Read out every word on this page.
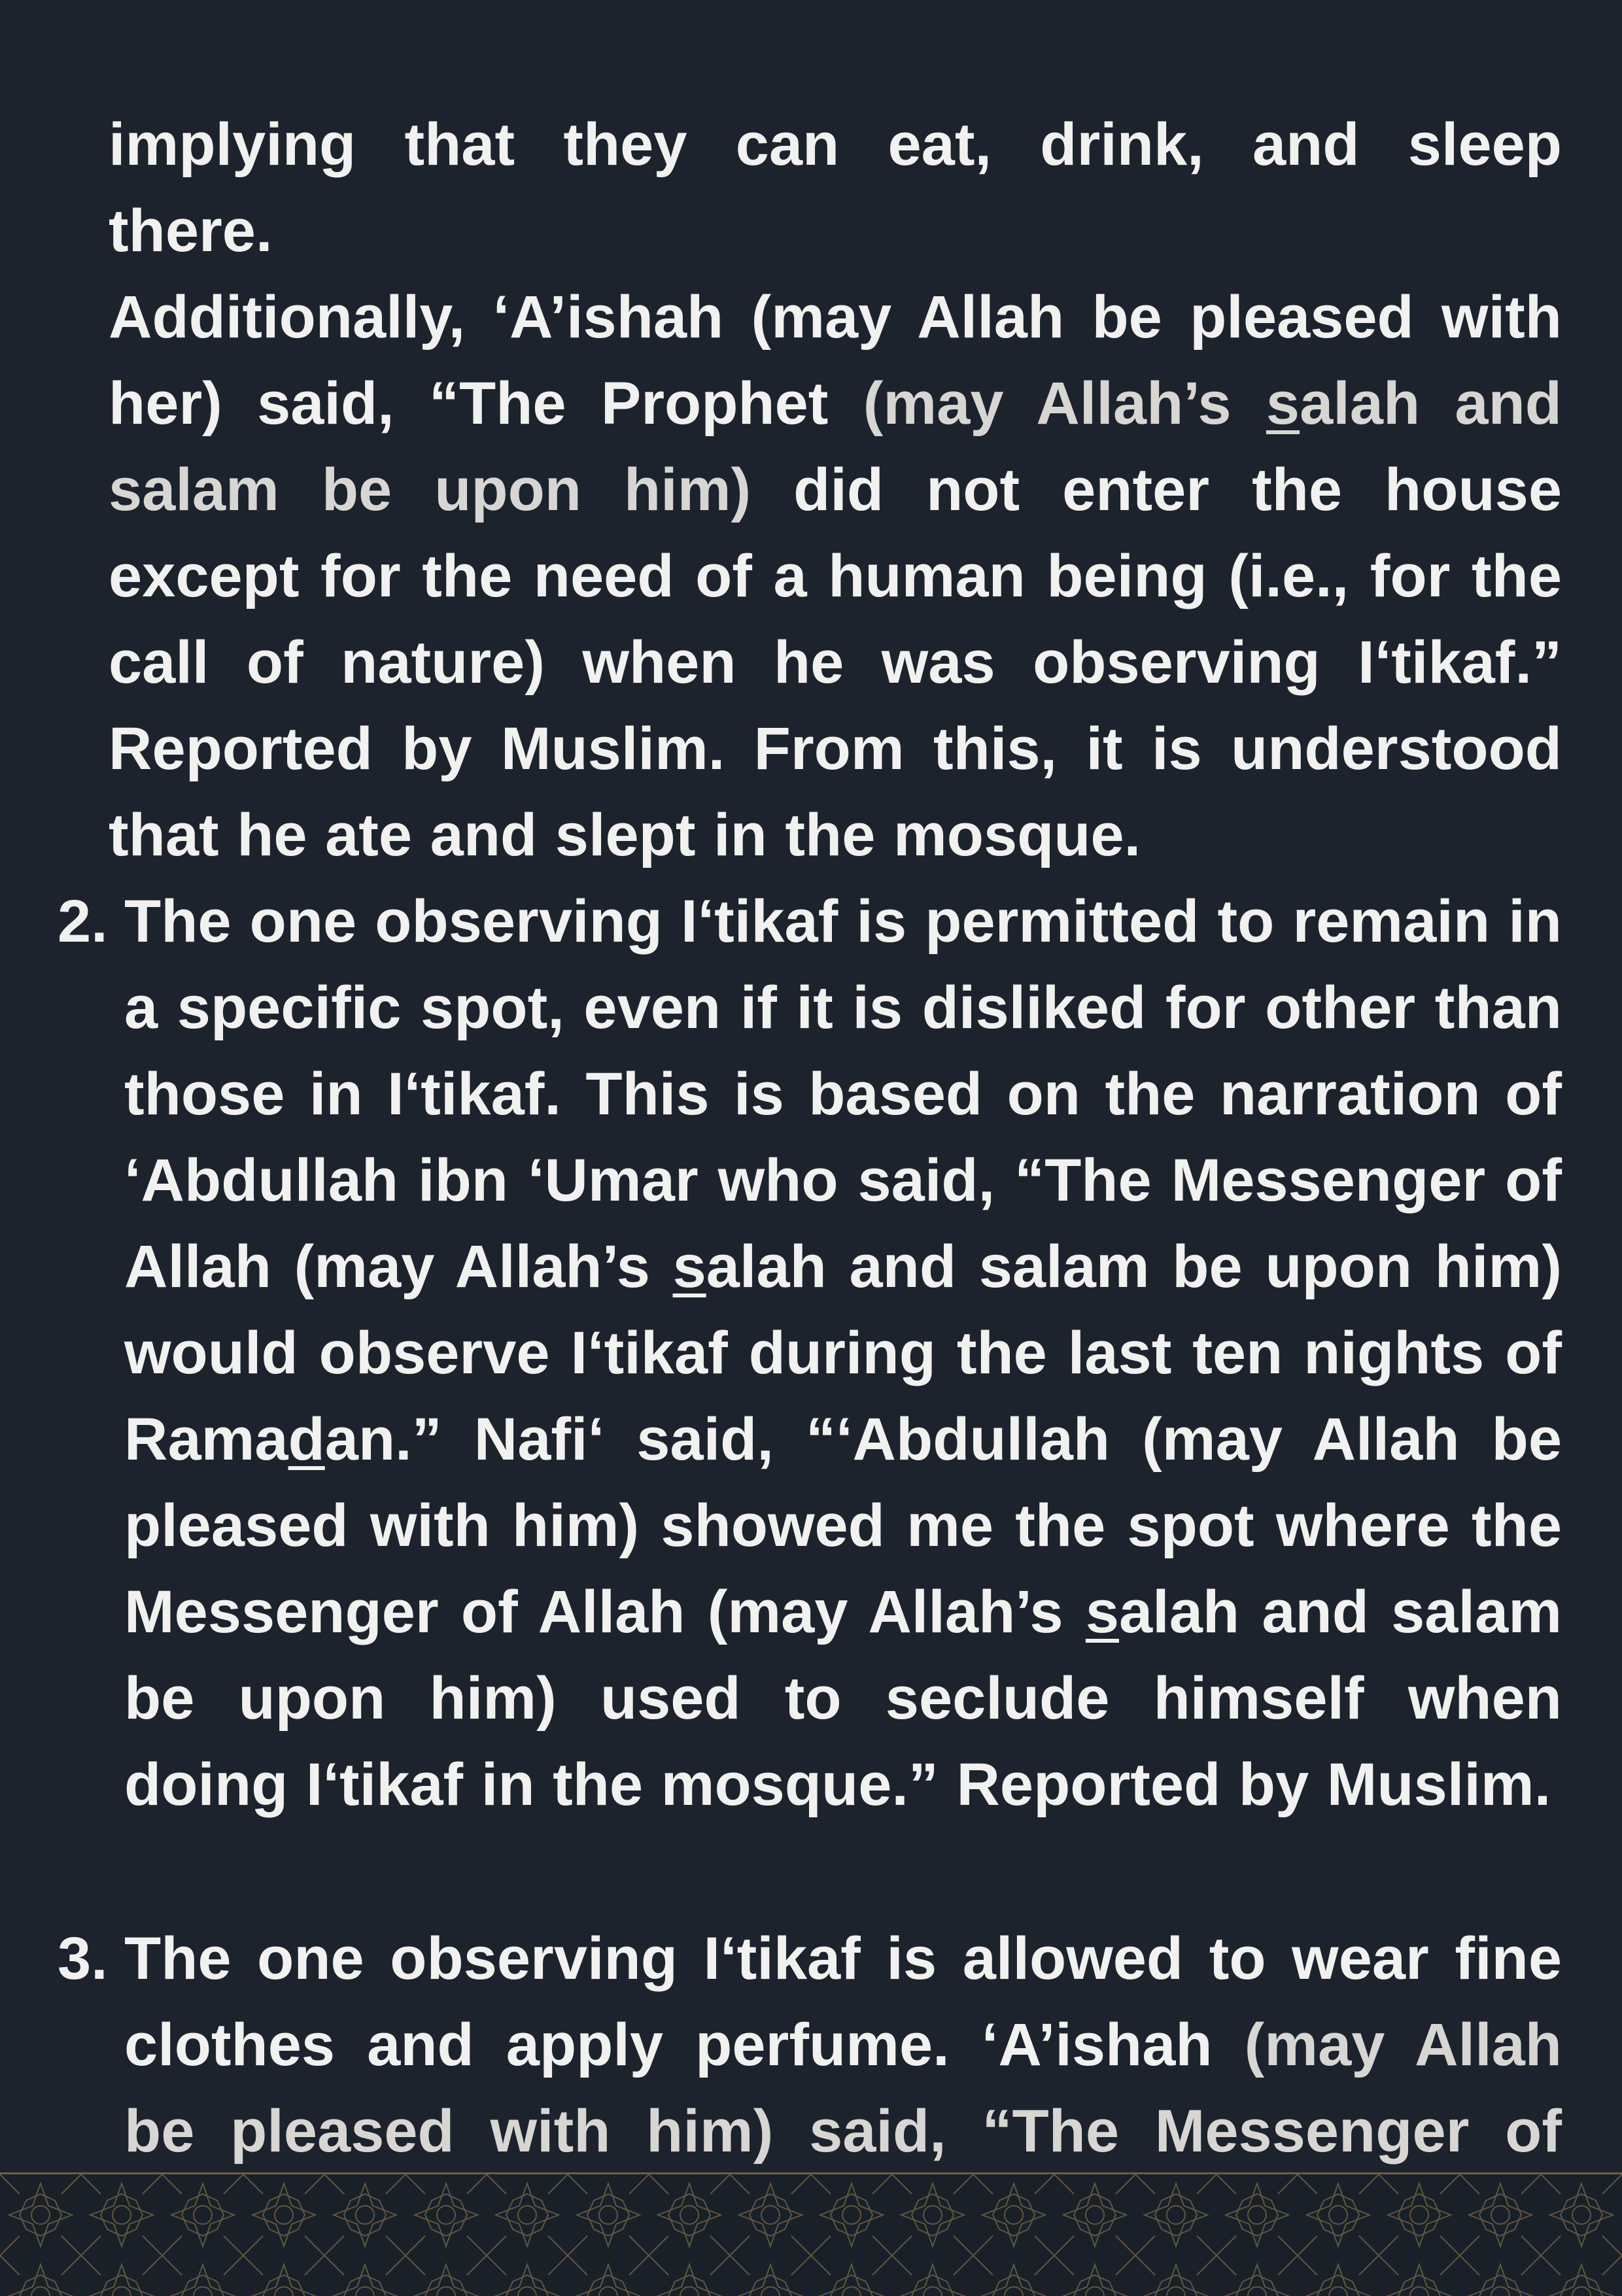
implying that they can eat, drink, and sleep
there.
Additionally, ‘A’ishah (may Allah be pleased with her) said, “The Prophet (may Allah’s salah and salam be upon him) did not enter the house except for the need of a human being (i.e., for the call of nature) when he was observing I‘tikaf.” Reported by Muslim. From this, it is understood that he ate and slept in the mosque.
2. The one observing I‘tikaf is permitted to remain in a specific spot, even if it is disliked for other than those in I‘tikaf. This is based on the narration of ‘Abdullah ibn ‘Umar who said, “The Messenger of Allah (may Allah’s salah and salam be upon him) would observe I‘tikaf during the last ten nights of Ramadan.” Nafi‘ said, “‘Abdullah (may Allah be pleased with him) showed me the spot where the Messenger of Allah (may Allah’s salah and salam be upon him) used to seclude himself when doing I‘tikaf in the mosque.” Reported by Muslim.
3. The one observing I‘tikaf is allowed to wear fine clothes and apply perfume. ‘A’ishah (may Allah be pleased with him) said, “The Messenger of
